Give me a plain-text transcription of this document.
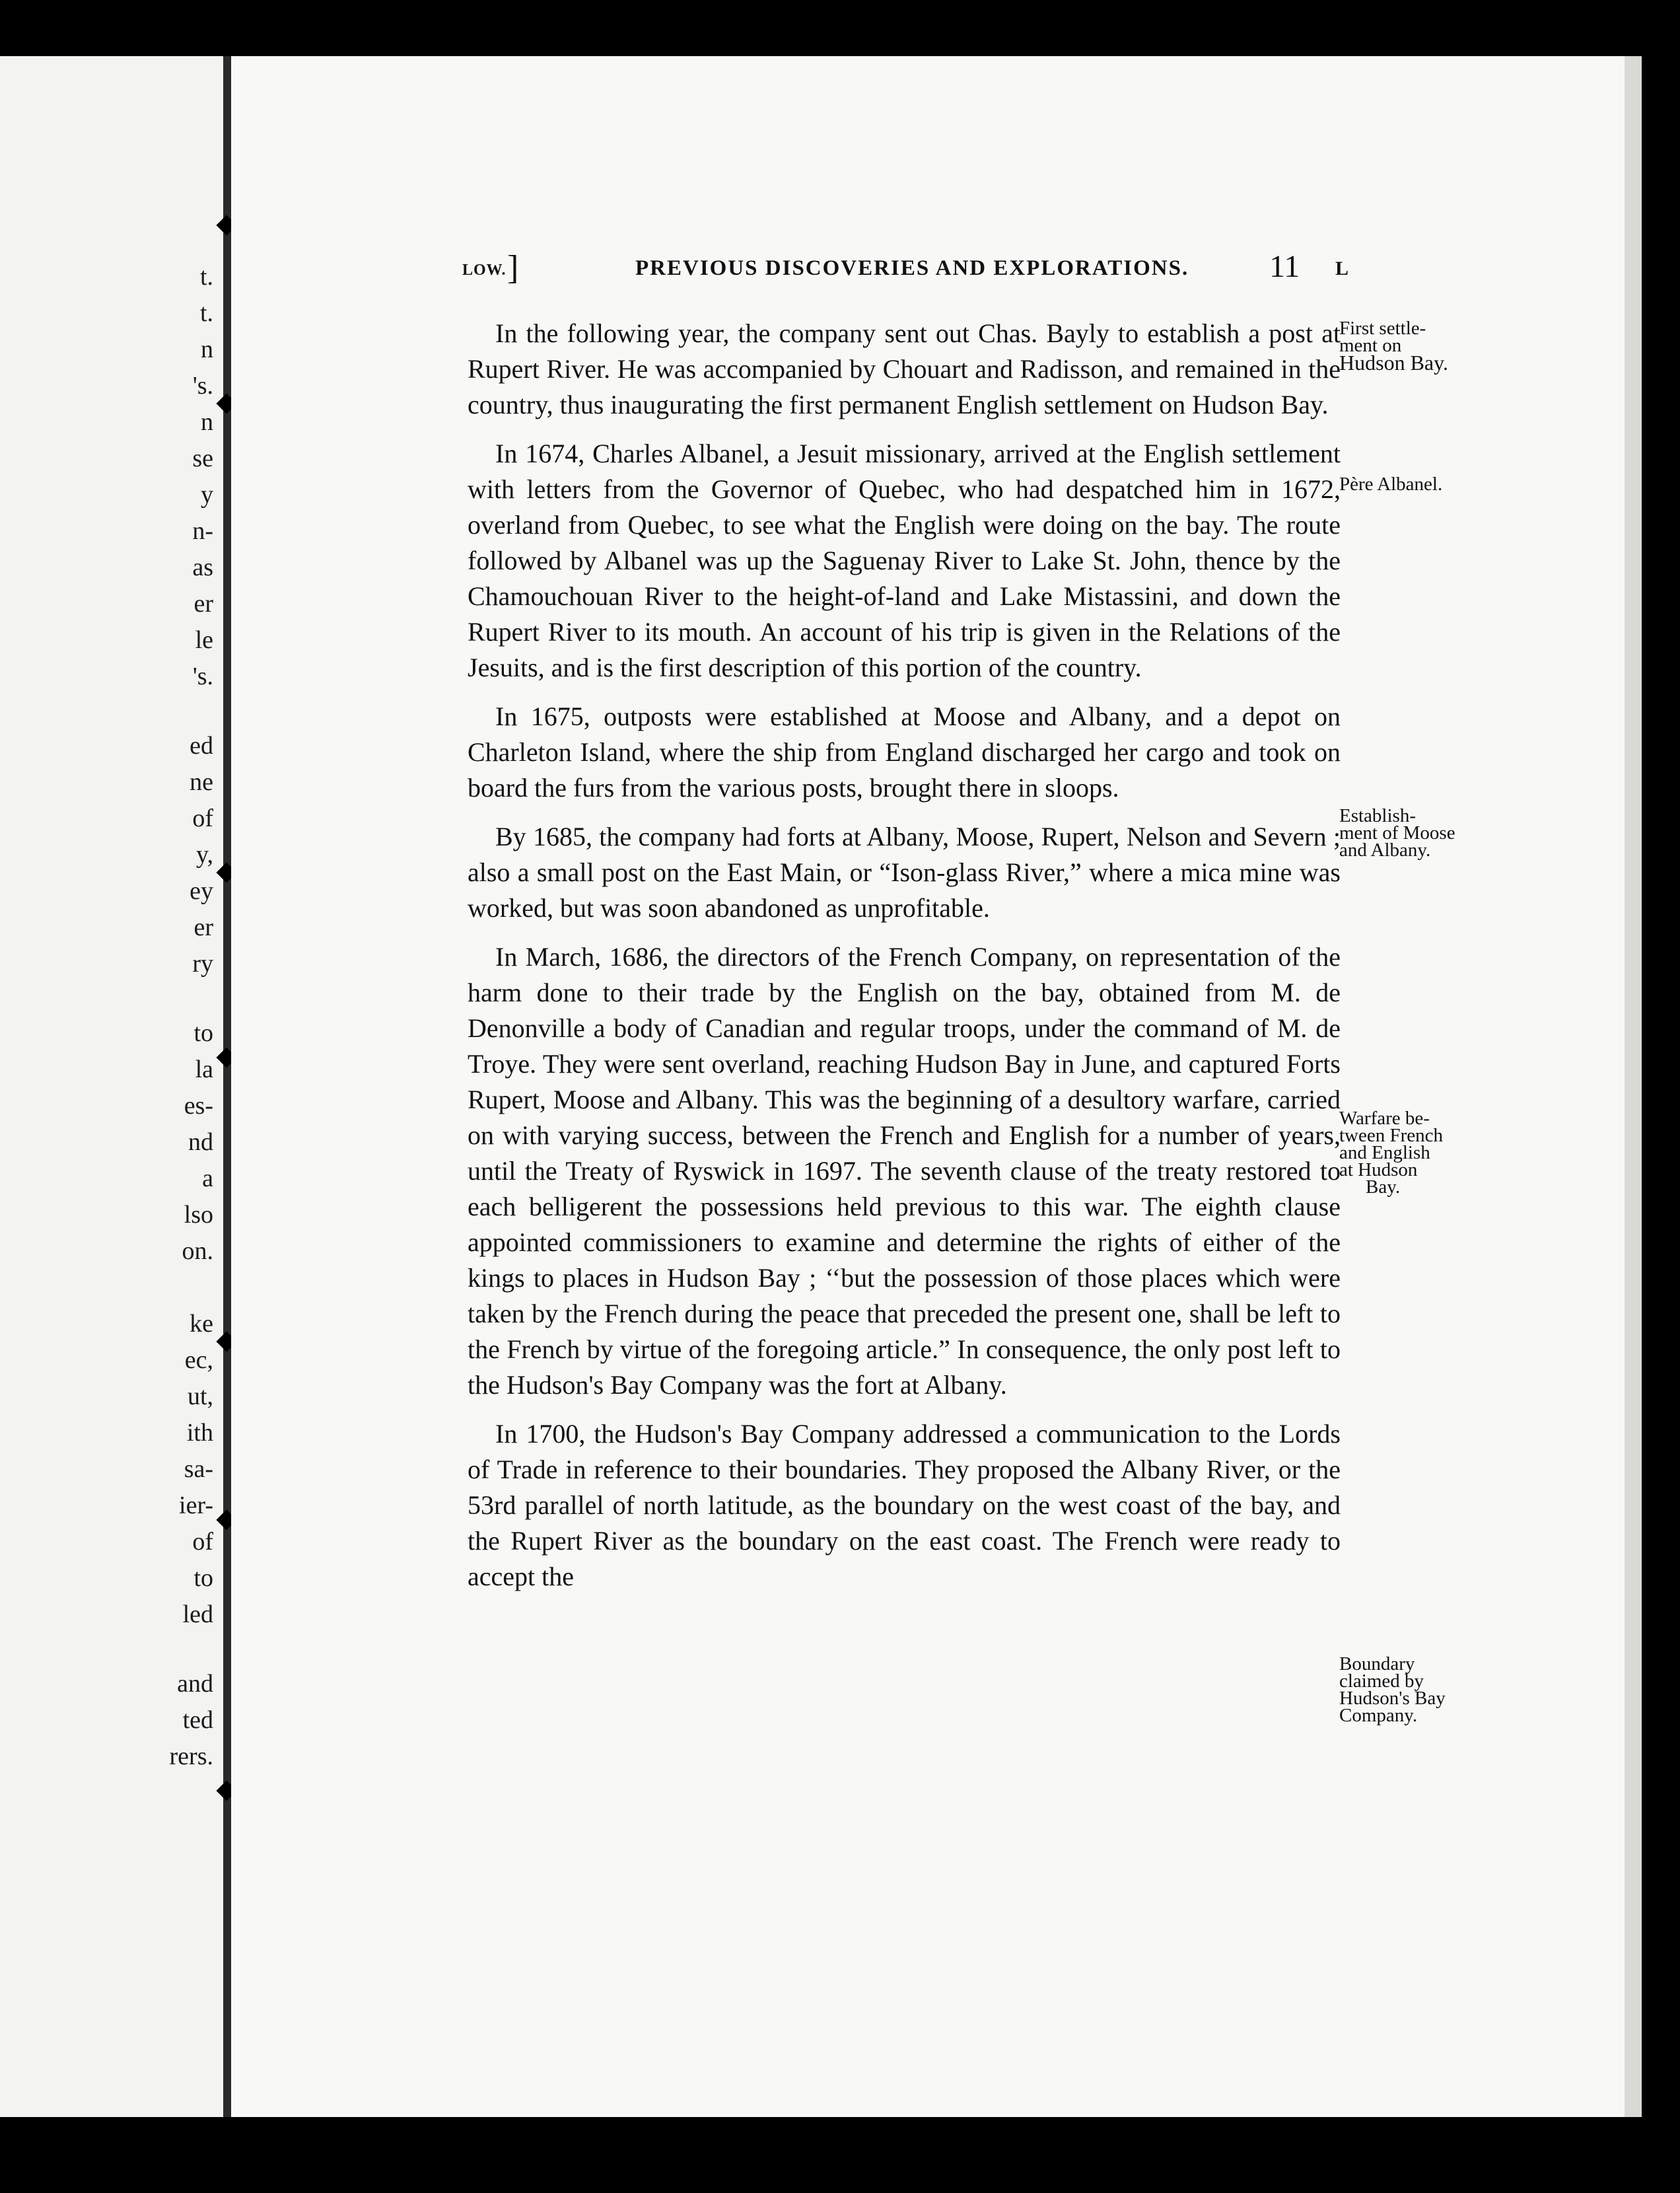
t.
t.
n
's.
n
se
y
n-
as
er
le
's.
ed
ne
of
y,
ey
er
ry
to
la
es-
nd
a
lso
on.
ke
ec,
ut,
ith
sa-
ier-
of
to
led
and
ted
rers.
LOW. ]	PREVIOUS DISCOVERIES AND EXPLORATIONS.	11 L

In the following year, the company sent out Chas. Bayly to establish a post at Rupert River. He was accompanied by Chouart and Radisson, and remained in the country, thus inaugurating the first permanent English settlement on Hudson Bay.

In 1674, Charles Albanel, a Jesuit missionary, arrived at the English settlement with letters from the Governor of Quebec, who had despatched him in 1672, overland from Quebec, to see what the English were doing on the bay. The route followed by Albanel was up the Saguenay River to Lake St. John, thence by the Chamouchouan River to the height-of-land and Lake Mistassini, and down the Rupert River to its mouth. An account of his trip is given in the Relations of the Jesuits, and is the first description of this portion of the country.

In 1675, outposts were established at Moose and Albany, and a depot on Charleton Island, where the ship from England discharged her cargo and took on board the furs from the various posts, brought there in sloops.

By 1685, the company had forts at Albany, Moose, Rupert, Nelson and Severn ; also a small post on the East Main, or “Ison-glass River,” where a mica mine was worked, but was soon abandoned as unprofitable.

In March, 1686, the directors of the French Company, on representation of the harm done to their trade by the English on the bay, obtained from M. de Denonville a body of Canadian and regular troops, under the command of M. de Troye. They were sent overland, reaching Hudson Bay in June, and captured Forts Rupert, Moose and Albany. This was the beginning of a desultory warfare, carried on with varying success, between the French and English for a number of years, until the Treaty of Ryswick in 1697. The seventh clause of the treaty restored to each belligerent the possessions held previous to this war. The eighth clause appointed commissioners to examine and determine the rights of either of the kings to places in Hudson Bay ; ‘‘but the possession of those places which were taken by the French during the peace that preceded the present one, shall be left to the French by virtue of the foregoing article.” In consequence, the only post left to the Hudson's Bay Company was the fort at Albany.

In 1700, the Hudson's Bay Company addressed a communication to the Lords of Trade in reference to their boundaries. They proposed the Albany River, or the 53rd parallel of north latitude, as the boundary on the west coast of the bay, and the Rupert River as the boundary on the east coast. The French were ready to accept the

First settle-
ment on
Hudson Bay.
Père Albanel.
Establish-
ment of Moose
and Albany.
Warfare be-
tween French
and English
at Hudson
Bay.
Boundary
claimed by
Hudson's Bay
Company.
